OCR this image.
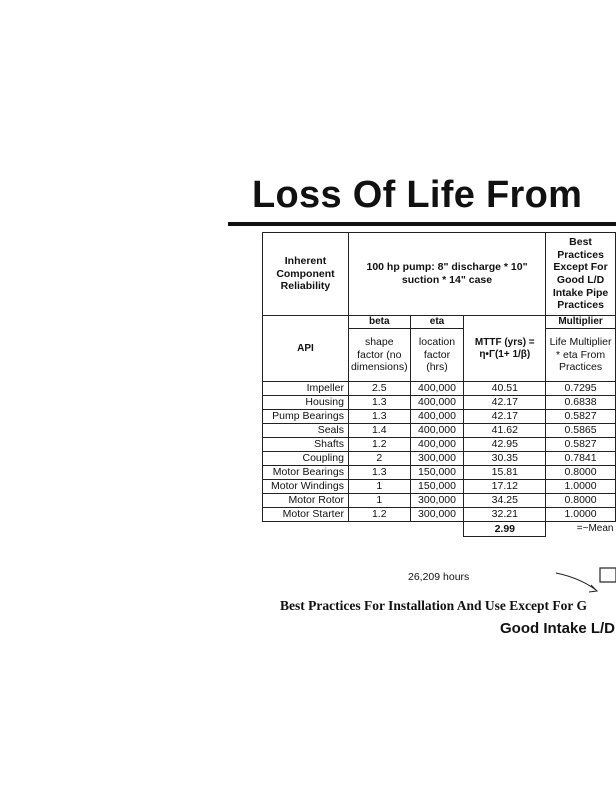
Loss Of Life From
Inherent Component Reliability	100 hp pump: 8" discharge * 10" suction * 14" case			Best Practices Except For Good L/D Intake Pipe Practices
API	beta	eta	MTTF (yrs) = η•Γ(1+ 1/β)	Multiplier
	shape factor (no dimensions)	location factor (hrs)		Life Multiplier * eta From Practices
Impeller	2.5	400,000	40.51	0.7295
Housing	1.3	400,000	42.17	0.6838
Pump Bearings	1.3	400,000	42.17	0.5827
Seals	1.4	400,000	41.62	0.5865
Shafts	1.2	400,000	42.95	0.5827
Coupling	2	300,000	30.35	0.7841
Motor Bearings	1.3	150,000	15.81	0.8000
Motor Windings	1	150,000	17.12	1.0000
Motor Rotor	1	300,000	34.25	0.8000
Motor Starter	1.2	300,000	32.21	1.0000
			2.99	=~Mean
26,209 hours
Best Practices For Installation And Use Except For G
Good Intake L/D
